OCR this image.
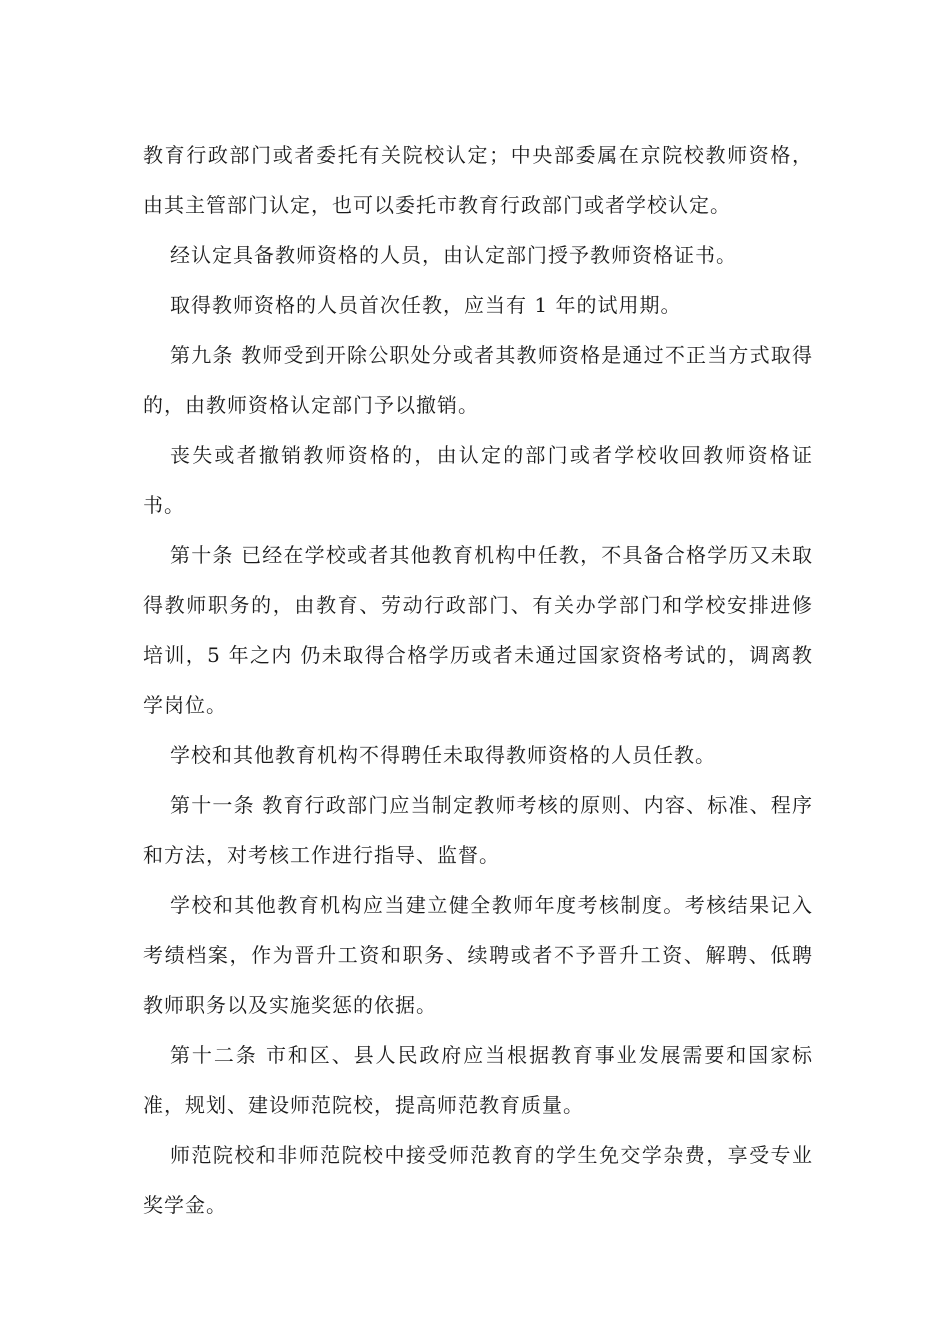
教育行政部门或者委托有关院校认定；中央部委属在京院校教师资格，由其主管部门认定，也可以委托市教育行政部门或者学校认定。

经认定具备教师资格的人员，由认定部门授予教师资格证书。

取得教师资格的人员首次任教，应当有 1 年的试用期。

第九条 教师受到开除公职处分或者其教师资格是通过不正当方式取得的，由教师资格认定部门予以撤销。

丧失或者撤销教师资格的，由认定的部门或者学校收回教师资格证书。

第十条 已经在学校或者其他教育机构中任教，不具备合格学历又未取得教师职务的，由教育、劳动行政部门、有关办学部门和学校安排进修培训，5 年之内 仍未取得合格学历或者未通过国家资格考试的，调离教学岗位。

学校和其他教育机构不得聘任未取得教师资格的人员任教。

第十一条 教育行政部门应当制定教师考核的原则、内容、标准、程序和方法，对考核工作进行指导、监督。

学校和其他教育机构应当建立健全教师年度考核制度。考核结果记入考绩档案，作为晋升工资和职务、续聘或者不予晋升工资、解聘、低聘教师职务以及实施奖惩的依据。

第十二条 市和区、县人民政府应当根据教育事业发展需要和国家标准，规划、建设师范院校，提高师范教育质量。

师范院校和非师范院校中接受师范教育的学生免交学杂费，享受专业奖学金。
